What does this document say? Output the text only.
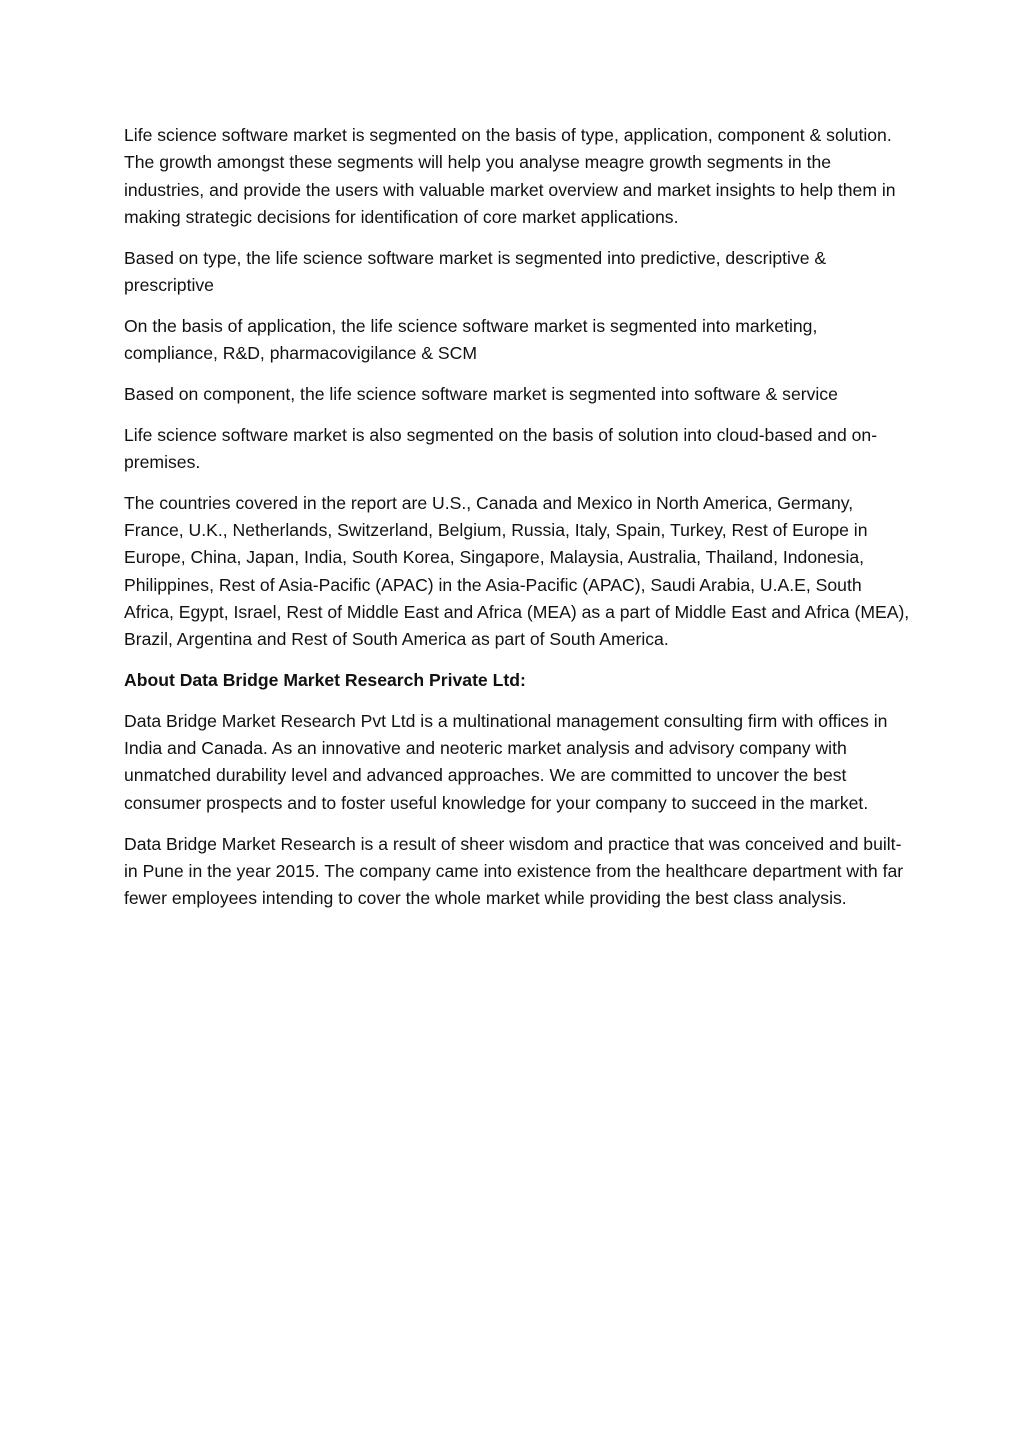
Life science software market is segmented on the basis of type, application, component & solution. The growth amongst these segments will help you analyse meagre growth segments in the industries, and provide the users with valuable market overview and market insights to help them in making strategic decisions for identification of core market applications.

Based on type, the life science software market is segmented into predictive, descriptive & prescriptive

On the basis of application, the life science software market is segmented into marketing, compliance, R&D, pharmacovigilance & SCM

Based on component, the life science software market is segmented into software & service

Life science software market is also segmented on the basis of solution into cloud-based and on-premises.

The countries covered in the report are U.S., Canada and Mexico in North America, Germany, France, U.K., Netherlands, Switzerland, Belgium, Russia, Italy, Spain, Turkey, Rest of Europe in Europe, China, Japan, India, South Korea, Singapore, Malaysia, Australia, Thailand, Indonesia, Philippines, Rest of Asia-Pacific (APAC) in the Asia-Pacific (APAC), Saudi Arabia, U.A.E, South Africa, Egypt, Israel, Rest of Middle East and Africa (MEA) as a part of Middle East and Africa (MEA), Brazil, Argentina and Rest of South America as part of South America.

About Data Bridge Market Research Private Ltd:

Data Bridge Market Research Pvt Ltd is a multinational management consulting firm with offices in India and Canada. As an innovative and neoteric market analysis and advisory company with unmatched durability level and advanced approaches. We are committed to uncover the best consumer prospects and to foster useful knowledge for your company to succeed in the market.

Data Bridge Market Research is a result of sheer wisdom and practice that was conceived and built-in Pune in the year 2015. The company came into existence from the healthcare department with far fewer employees intending to cover the whole market while providing the best class analysis.
